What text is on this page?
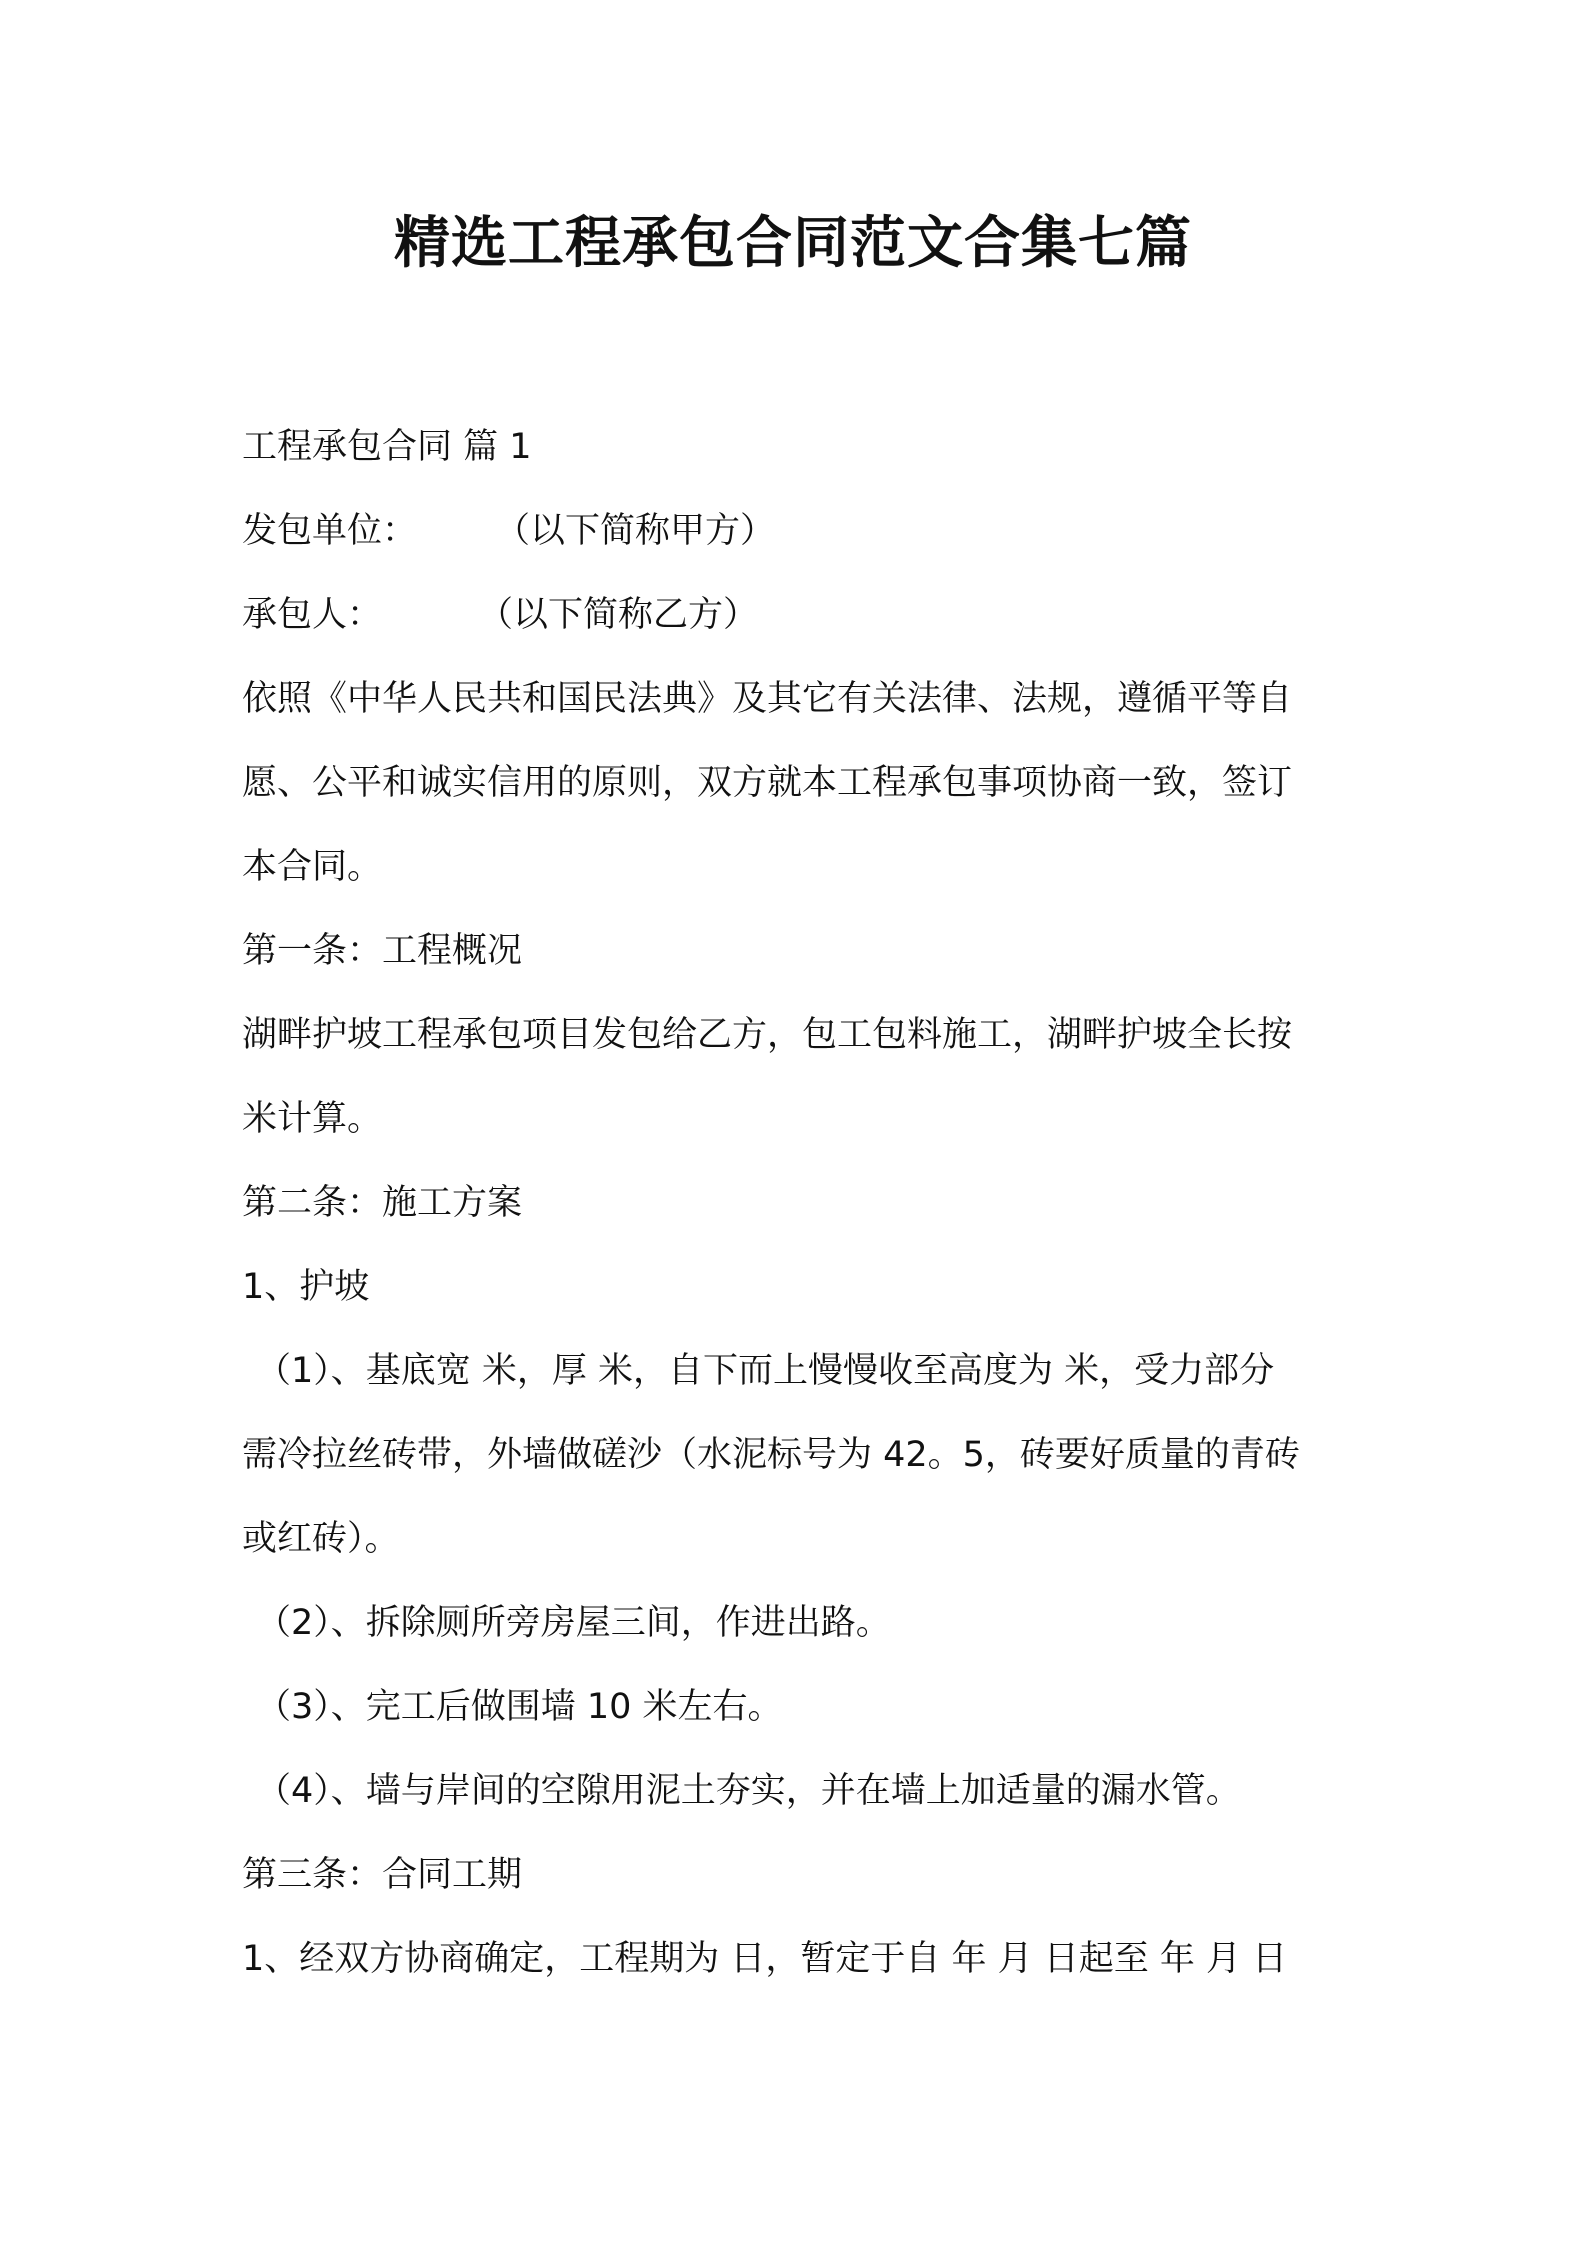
精选工程承包合同范文合集七篇
工程承包合同 篇 1
发包单位： （以下简称甲方）
承包人：	（以下简称乙方）
依照《中华人民共和国民法典》及其它有关法律、法规，遵循平等自
愿、公平和诚实信用的原则，双方就本工程承包事项协商一致，签订
本合同。
第一条：工程概况
湖畔护坡工程承包项目发包给乙方，包工包料施工，湖畔护坡全长按
米计算。
第二条：施工方案
1、护坡
（1）、基底宽 米，厚 米，自下而上慢慢收至高度为 米，受力部分
需冷拉丝砖带，外墙做磋沙（水泥标号为 42。5，砖要好质量的青砖
或红砖）。
（2）、拆除厕所旁房屋三间，作进出路。
（3）、完工后做围墙 10 米左右。
（4）、墙与岸间的空隙用泥土夯实，并在墙上加适量的漏水管。
第三条：合同工期
1、经双方协商确定，工程期为 日，暂定于自 年 月 日起至 年 月 日
